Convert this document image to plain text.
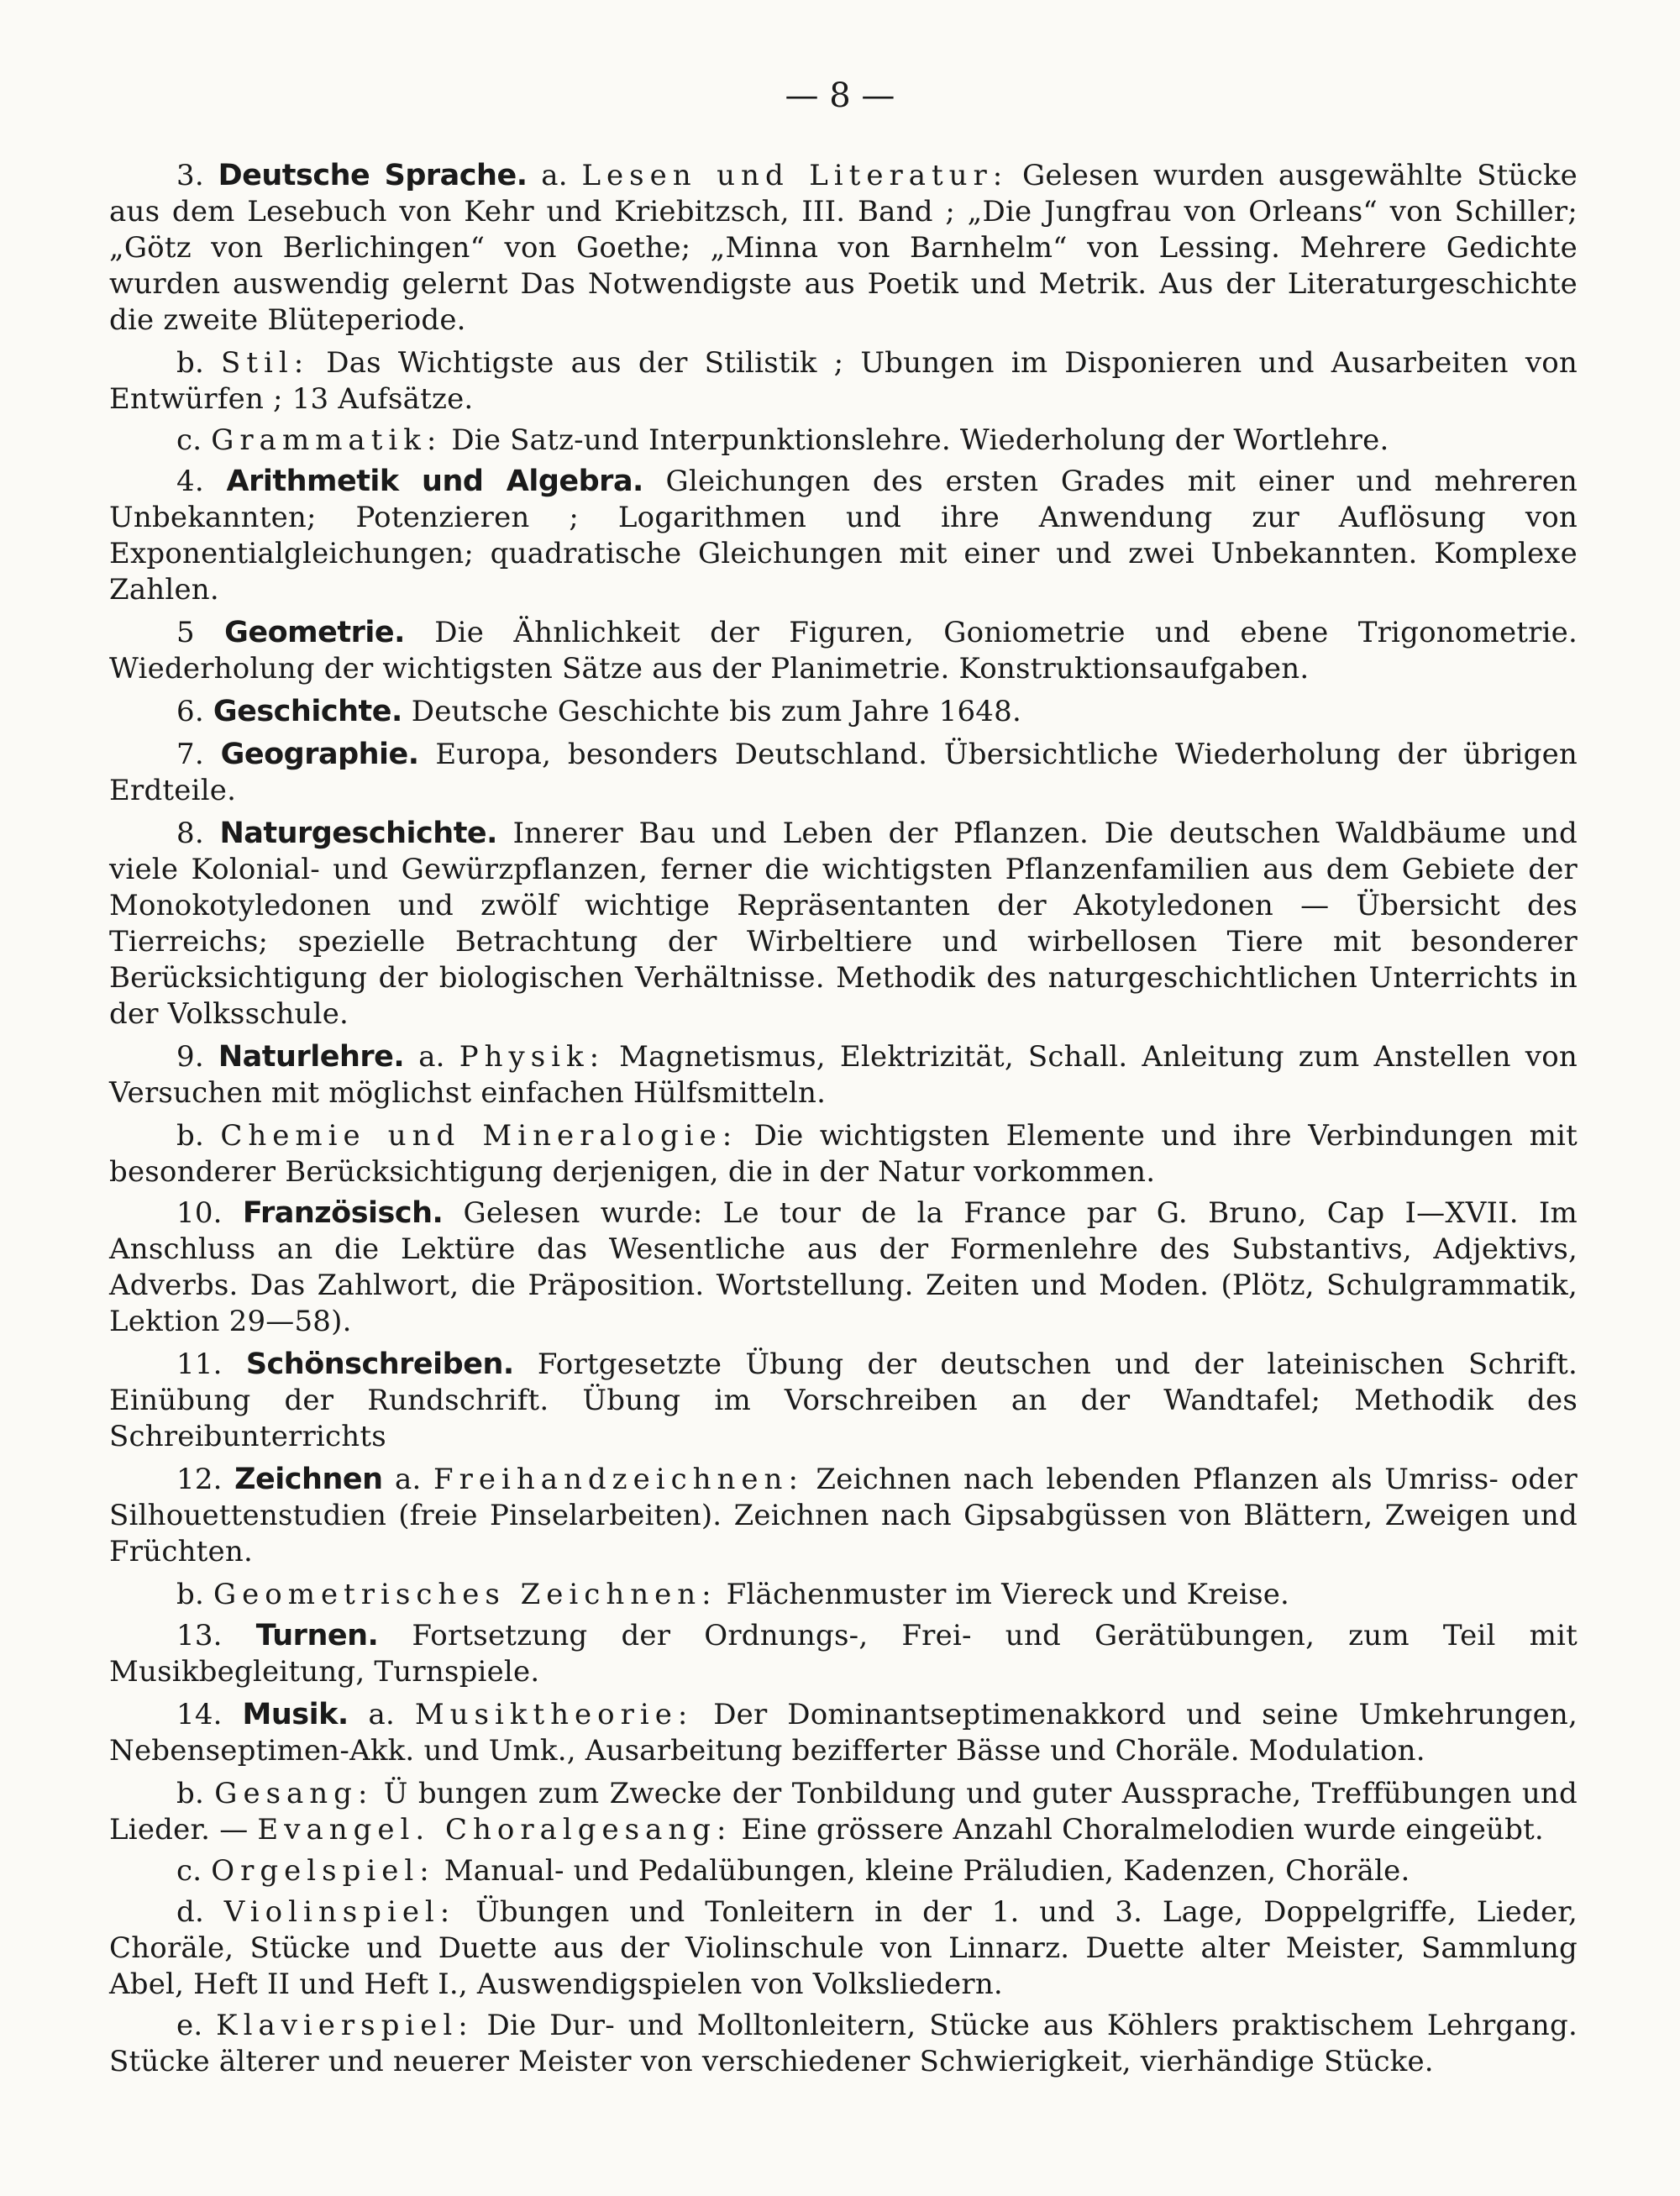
— 8 —

3. Deutsche Sprache. a. Lesen und Literatur: Gelesen wurden ausgewählte Stücke aus dem Lesebuch von Kehr und Kriebitzsch, III. Band ; „Die Jungfrau von Orleans“ von Schiller; „Götz von Berlichingen“ von Goethe; „Minna von Barnhelm“ von Lessing. Mehrere Gedichte wurden auswendig gelernt Das Notwendigste aus Poetik und Metrik. Aus der Literaturgeschichte die zweite Blüteperiode.

b. Stil: Das Wichtigste aus der Stilistik ; Ubungen im Disponieren und Ausarbeiten von Entwürfen ; 13 Aufsätze.

c. Grammatik: Die Satz-und Interpunktionslehre. Wiederholung der Wortlehre.

4. Arithmetik und Algebra. Gleichungen des ersten Grades mit einer und mehreren Unbekannten; Potenzieren ; Logarithmen und ihre Anwendung zur Auflösung von Exponentialgleichungen; quadratische Gleichungen mit einer und zwei Unbekannten. Komplexe Zahlen.

5 Geometrie. Die Ähnlichkeit der Figuren, Goniometrie und ebene Trigonometrie. Wiederholung der wichtigsten Sätze aus der Planimetrie. Konstruktionsaufgaben.

6. Geschichte. Deutsche Geschichte bis zum Jahre 1648.

7. Geographie. Europa, besonders Deutschland. Übersichtliche Wiederholung der übrigen Erdteile.

8. Naturgeschichte. Innerer Bau und Leben der Pflanzen. Die deutschen Waldbäume und viele Kolonial- und Gewürzpflanzen, ferner die wichtigsten Pflanzenfamilien aus dem Gebiete der Monokotyledonen und zwölf wichtige Repräsentanten der Akotyledonen — Übersicht des Tierreichs; spezielle Betrachtung der Wirbeltiere und wirbellosen Tiere mit besonderer Berücksichtigung der biologischen Verhältnisse. Methodik des naturgeschichtlichen Unterrichts in der Volksschule.

9. Naturlehre. a. Physik: Magnetismus, Elektrizität, Schall. Anleitung zum Anstellen von Versuchen mit möglichst einfachen Hülfsmitteln.

b. Chemie und Mineralogie: Die wichtigsten Elemente und ihre Verbindungen mit besonderer Berücksichtigung derjenigen, die in der Natur vorkommen.

10. Französisch. Gelesen wurde: Le tour de la France par G. Bruno, Cap I—XVII. Im Anschluss an die Lektüre das Wesentliche aus der Formenlehre des Substantivs, Adjektivs, Adverbs. Das Zahlwort, die Präposition. Wortstellung. Zeiten und Moden. (Plötz, Schulgrammatik, Lektion 29—58).

11. Schönschreiben. Fortgesetzte Übung der deutschen und der lateinischen Schrift. Einübung der Rundschrift. Übung im Vorschreiben an der Wandtafel; Methodik des Schreibunterrichts

12. Zeichnen a. Freihandzeichnen: Zeichnen nach lebenden Pflanzen als Umriss- oder Silhouettenstudien (freie Pinselarbeiten). Zeichnen nach Gipsabgüssen von Blättern, Zweigen und Früchten.

b. Geometrisches Zeichnen: Flächenmuster im Viereck und Kreise.

13. Turnen. Fortsetzung der Ordnungs-, Frei- und Gerätübungen, zum Teil mit Musikbegleitung, Turnspiele.

14. Musik. a. Musiktheorie: Der Dominantseptimenakkord und seine Umkehrungen, Nebenseptimen-Akk. und Umk., Ausarbeitung bezifferter Bässe und Choräle. Modulation.

b. Gesang: Ü bungen zum Zwecke der Tonbildung und guter Aussprache, Treffübungen und Lieder. — Evangel. Choralgesang: Eine grössere Anzahl Choralmelodien wurde eingeübt.

c. Orgelspiel: Manual- und Pedalübungen, kleine Präludien, Kadenzen, Choräle.

d. Violinspiel: Übungen und Tonleitern in der 1. und 3. Lage, Doppelgriffe, Lieder, Choräle, Stücke und Duette aus der Violinschule von Linnarz. Duette alter Meister, Sammlung Abel, Heft II und Heft I., Auswendigspielen von Volksliedern.

e. Klavierspiel: Die Dur- und Molltonleitern, Stücke aus Köhlers praktischem Lehrgang. Stücke älterer und neuerer Meister von verschiedener Schwierigkeit, vierhändige Stücke.
